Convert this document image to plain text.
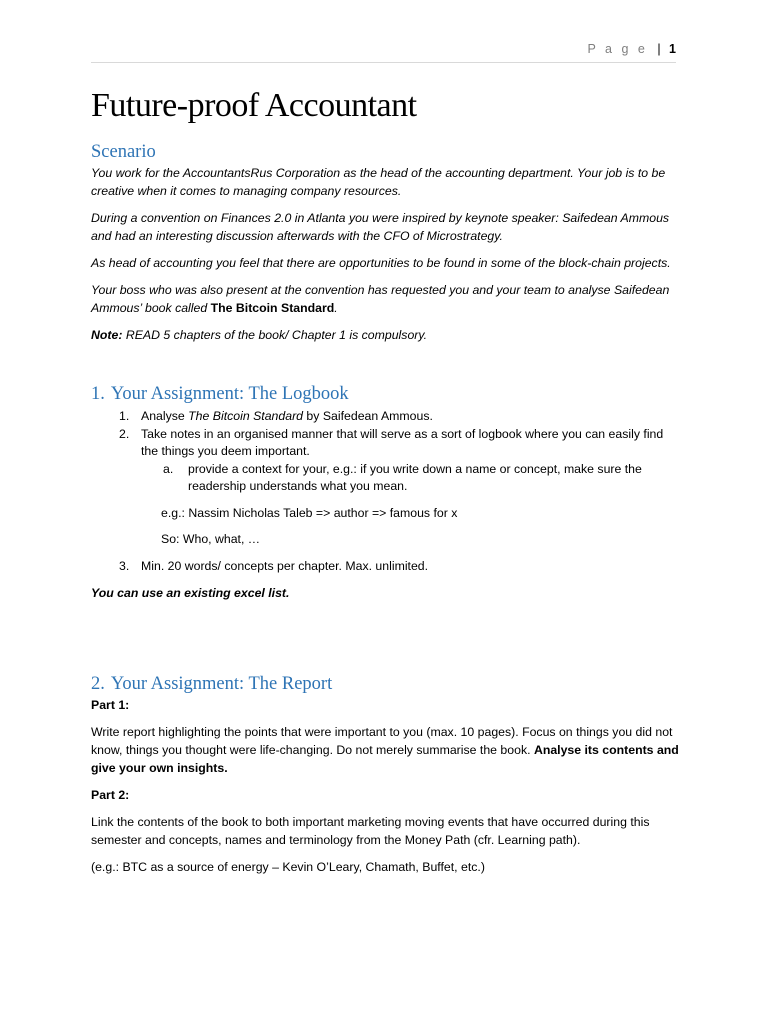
P a g e | 1
Future-proof Accountant
Scenario

You work for the AccountantsRus Corporation as the head of the accounting department. Your job is to be creative when it comes to managing company resources.

During a convention on Finances 2.0 in Atlanta you were inspired by keynote speaker: Saifedean Ammous and had an interesting discussion afterwards with the CFO of Microstrategy.

As head of accounting you feel that there are opportunities to be found in some of the block-chain projects.

Your boss who was also present at the convention has requested you and your team to analyse Saifedean Ammous’ book called The Bitcoin Standard.

Note: READ 5 chapters of the book/ Chapter 1 is compulsory.

1. Your Assignment: The Logbook
1. Analyse The Bitcoin Standard by Saifedean Ammous.
2. Take notes in an organised manner that will serve as a sort of logbook where you can easily find the things you deem important.
a. provide a context for your, e.g.: if you write down a name or concept, make sure the readership understands what you mean.
e.g.: Nassim Nicholas Taleb => author => famous for x
So: Who, what, …
3. Min. 20 words/ concepts per chapter. Max. unlimited.

You can use an existing excel list.

2. Your Assignment: The Report

Part 1:

Write report highlighting the points that were important to you (max. 10 pages). Focus on things you did not know, things you thought were life-changing. Do not merely summarise the book. Analyse its contents and give your own insights.

Part 2:

Link the contents of the book to both important marketing moving events that have occurred during this semester and concepts, names and terminology from the Money Path (cfr. Learning path).

(e.g.: BTC as a source of energy – Kevin O’Leary, Chamath, Buffet, etc.)
